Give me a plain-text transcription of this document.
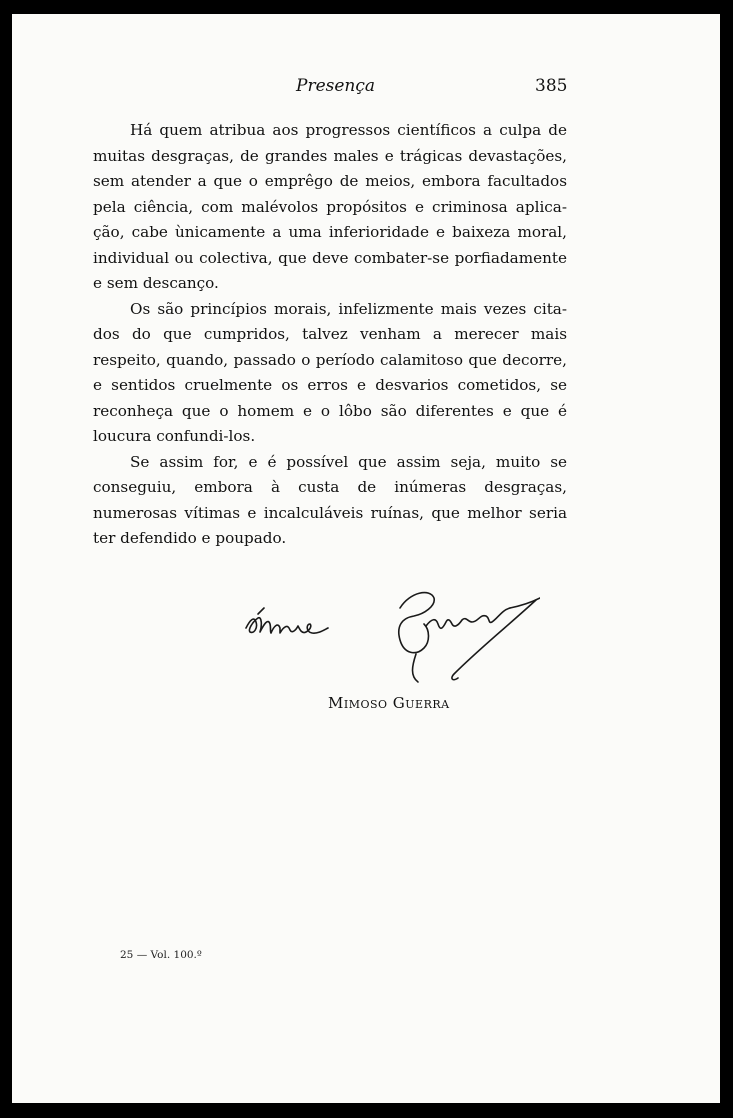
Presença	385

Há quem atribua aos progressos científicos a culpa de muitas desgraças, de grandes males e trágicas devastações, sem atender a que o emprêgo de meios, embora facultados pela ciência, com malévolos propósitos e criminosa aplicação, cabe ùnicamente a uma inferioridade e baixeza moral, individual ou colectiva, que deve combater-se porfiadamente e sem descanço.

Os são princípios morais, infelizmente mais vezes citados do que cumpridos, talvez venham a merecer mais respeito, quando, passado o período calamitoso que decorre, e sentidos cruelmente os erros e desvarios cometidos, se reconheça que o homem e o lôbo são diferentes e que é loucura confundi-los.

Se assim for, e é possível que assim seja, muito se conseguiu, embora à custa de inúmeras desgraças, numerosas vítimas e incalculáveis ruínas, que melhor seria ter defendido e poupado.

Mimoso Guerra
25 — Vol. 100.º
